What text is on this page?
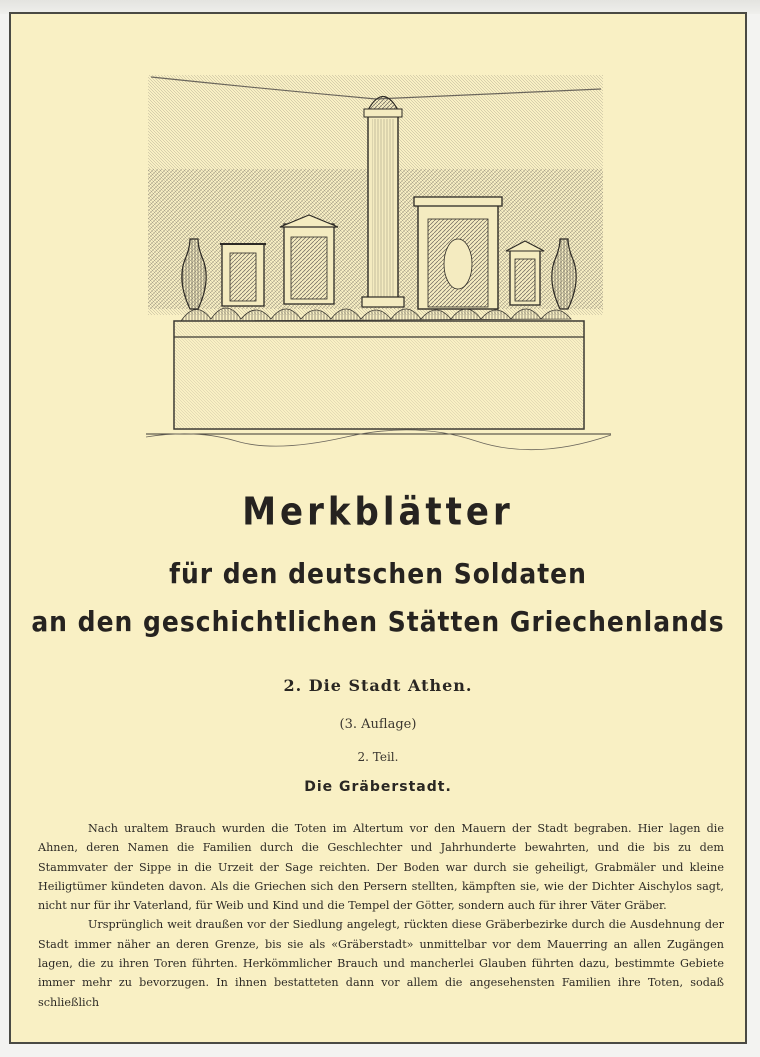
Merkblätter
für den deutschen Soldaten
an den geschichtlichen Stätten Griechenlands
2. Die Stadt Athen.
(3. Auflage)
2. Teil.
Die Gräberstadt.

Nach uraltem Brauch wurden die Toten im Altertum vor den Mauern der Stadt begraben. Hier lagen die Ahnen, deren Namen die Familien durch die Geschlechter und Jahrhunderte bewahrten, und die bis zu dem Stammvater der Sippe in die Urzeit der Sage reichten. Der Boden war durch sie geheiligt, Grabmäler und kleine Heiligtümer kündeten davon. Als die Griechen sich den Persern stellten, kämpften sie, wie der Dichter Aischylos sagt, nicht nur für ihr Vaterland, für Weib und Kind und die Tempel der Götter, sondern auch für ihrer Väter Gräber.

Ursprünglich weit draußen vor der Siedlung angelegt, rückten diese Gräberbezirke durch die Ausdehnung der Stadt immer näher an deren Grenze, bis sie als «Gräberstadt» unmittelbar vor dem Mauerring an allen Zugängen lagen, die zu ihren Toren führten. Herkömmlicher Brauch und mancherlei Glauben führten dazu, bestimmte Gebiete immer mehr zu bevorzugen. In ihnen bestatteten dann vor allem die angesehensten Familien ihre Toten, sodaß schließlich
